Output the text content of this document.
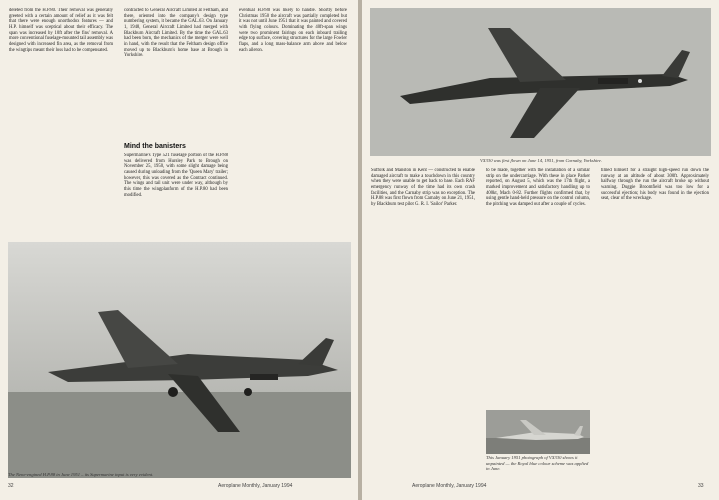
deleted from the H.P.80. Their removal was generally greeted with a certain amount of relief as it was felt that there were enough unorthodox features — and H.P. himself was sceptical about their efficacy. The span was increased by 10ft after the fins' removal. A more conventional fuselage-mounted tail assembly was designed with increased fin area, as the removal from the wingtips meant their loss had to be compensated.

contracted to General Aircraft Limited at Feltham, and there, oriented into the company's design type numbering system, it became the GAL.63. On January 1, 1948, General Aircraft Limited had merged with Blackburn Aircraft Limited. By the time the GAL.63 had been born, the mechanics of the merger were well in hand, with the result that the Feltham design office moved up to Blackburn's home base at Brough in Yorkshire.

Mind the banisters

Supermarine's Type 521 fuselage portion of the H.P.88 was delivered from Hursley Park to Brough on November 25, 1950, with some slight damage being caused during unloading from the 'Queen Mary' trailer; however, this was covered as the Contract continued. The wings and tail unit were under way, although by this time the wingplanform of the H.P.80 had been modified.

eventual H.P.80 was likely to handle. Shortly before Christmas 1950 the aircraft was partially completed but it was not until June 1951 that it was painted and covered with flying colours. Dominating the 40ft-span wings were two prominent fairings on each inboard trailing edge top surface, covering structures for the large Fowler flaps, and a long mass-balance arm above and below each aileron.

The Nene-engined H.P.88 in June 1951 – its Supermarine input is very evident.
32	Aeroplane Monthly, January 1994
VX330 was first flown on June 14, 1951, from Carnaby, Yorkshire.

Suffolk and Manston in Kent — constructed to enable damaged aircraft to make a touchdown in this country when they were unable to get back to base. Each RAF emergency runway of the time had its own crash facilities, and the Carnaby strip was no exception. The H.P.88 was first flown from Carnaby on June 21, 1951, by Blackburn test pilot G. R. I. 'Sailor' Parker.

to be made, together with the installation of a similar strip on the undercarriage. With these in place Parker reported, on August 5, which was the 17th flight, a marked improvement and satisfactory handling up to 400kt, Mach 0-82. Further flights confirmed that, by using gentle hand-held pressure on the control column, the pitching was damped out after a couple of cycles.

timed himself for a straight high-speed run down the runway at an altitude of about 300ft. Approximately halfway through the run the aircraft broke up without warning. Duggie Broomfield was too low for a successful ejection; his body was found in the ejection seat, clear of the wreckage.

This January 1951 photograph of VX330 shows it unpainted — the Royal blue colour scheme was applied in June.
Aeroplane Monthly, January 1994	33
